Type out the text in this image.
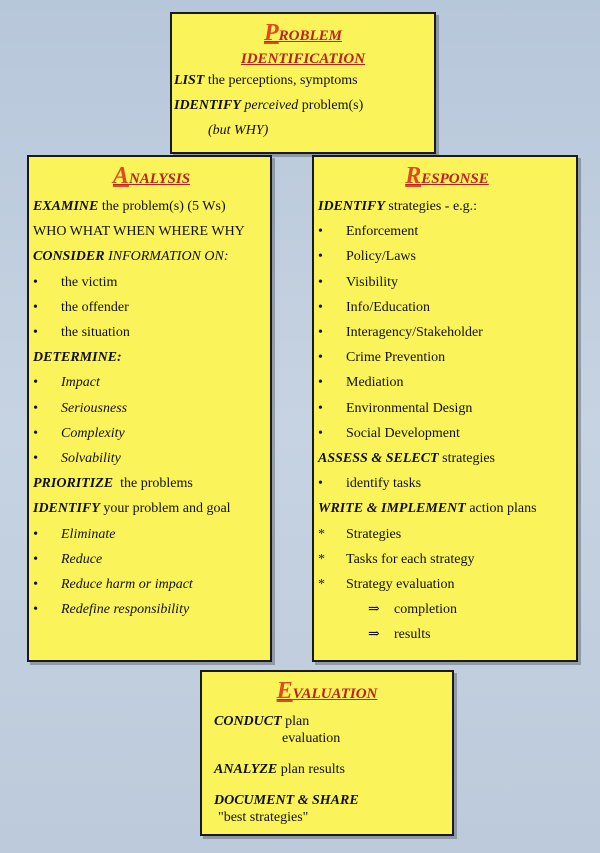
PROBLEM
IDENTIFICATION
LIST the perceptions, symptoms
IDENTIFY perceived problem(s)
(but WHY)
ANALYSIS
EXAMINE the problem(s) (5 Ws)
WHO WHAT WHEN WHERE WHY
CONSIDER INFORMATION ON:
•	the victim
•	the offender
•	the situation
DETERMINE:
•	Impact
•	Seriousness
•	Complexity
•	Solvability
PRIORITIZE  the problems
IDENTIFY your problem and goal
•	Eliminate
•	Reduce
•	Reduce harm or impact
•	Redefine responsibility
RESPONSE
IDENTIFY strategies - e.g.:
•	Enforcement
•	Policy/Laws
•	Visibility
•	Info/Education
•	Interagency/Stakeholder
•	Crime Prevention
•	Mediation
•	Environmental Design
•	Social Development
ASSESS & SELECT strategies
•	identify tasks
WRITE & IMPLEMENT action plans
*	Strategies
*	Tasks for each strategy
*	Strategy evaluation
⇒ completion
⇒ results
EVALUATION
CONDUCT plan
evaluation
ANALYZE plan results
DOCUMENT & SHARE
"best strategies"
